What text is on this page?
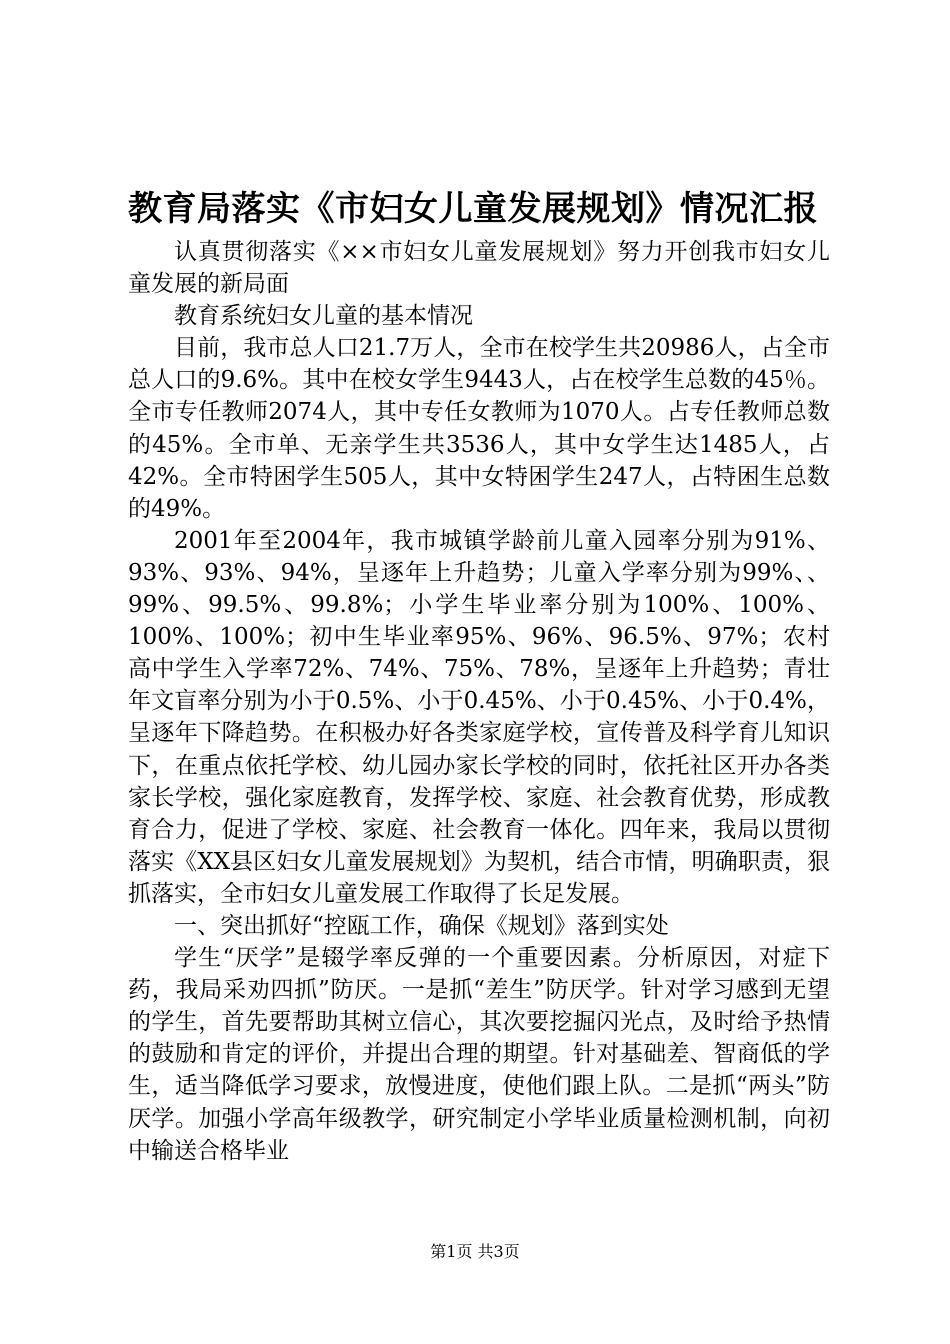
教育局落实《市妇女儿童发展规划》情况汇报

认真贯彻落实《××市妇女儿童发展规划》努力开创我市妇女儿童发展的新局面

教育系统妇女儿童的基本情况

目前，我市总人口21.7万人，全市在校学生共20986人，占全市总人口的9.6%。其中在校女学生9443人，占在校学生总数的45％。全市专任教师2074人，其中专任女教师为1070人。占专任教师总数的45%。全市单、无亲学生共3536人，其中女学生达1485人，占42%。全市特困学生505人，其中女特困学生247人，占特困生总数的49%。

2001年至2004年，我市城镇学龄前儿童入园率分别为91%、93%、93%、94%，呈逐年上升趋势；儿童入学率分别为99%、、99%、99.5%、99.8%；小学生毕业率分别为100%、100%、100%、100%；初中生毕业率95%、96%、96.5%、97%；农村高中学生入学率72%、74%、75%、78%，呈逐年上升趋势；青壮年文盲率分别为小于0.5%、小于0.45%、小于0.45%、小于0.4%，呈逐年下降趋势。在积极办好各类家庭学校，宣传普及科学育儿知识下，在重点依托学校、幼儿园办家长学校的同时，依托社区开办各类家长学校，强化家庭教育，发挥学校、家庭、社会教育优势，形成教育合力，促进了学校、家庭、社会教育一体化。四年来，我局以贯彻落实《XX县区妇女儿童发展规划》为契机，结合市情，明确职责，狠抓落实，全市妇女儿童发展工作取得了长足发展。

一、突出抓好“控瓯工作，确保《规划》落到实处

学生“厌学”是辍学率反弹的一个重要因素。分析原因，对症下药，我局采劝四抓”防厌。一是抓“差生”防厌学。针对学习感到无望的学生，首先要帮助其树立信心，其次要挖掘闪光点，及时给予热情的鼓励和肯定的评价，并提出合理的期望。针对基础差、智商低的学生，适当降低学习要求，放慢进度，使他们跟上队。二是抓“两头”防厌学。加强小学高年级教学，研究制定小学毕业质量检测机制，向初中输送合格毕业

第1页 共3页
